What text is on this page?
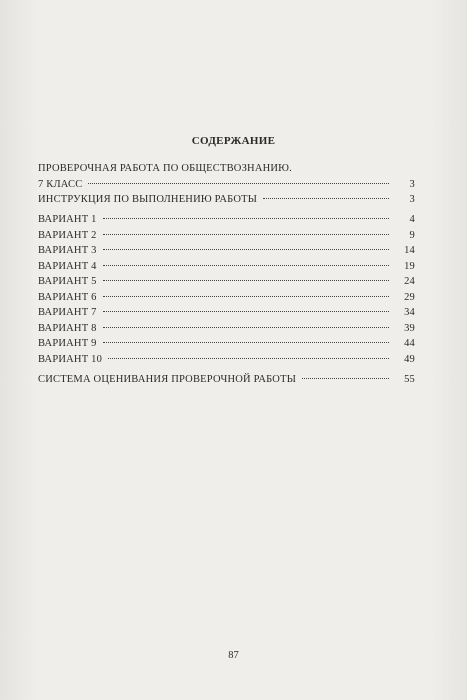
СОДЕРЖАНИЕ
ПРОВЕРОЧНАЯ РАБОТА ПО ОБЩЕСТВОЗНАНИЮ.
7 КЛАСС	3
ИНСТРУКЦИЯ ПО ВЫПОЛНЕНИЮ РАБОТЫ	3
ВАРИАНТ 1	4
ВАРИАНТ 2	9
ВАРИАНТ 3	14
ВАРИАНТ 4	19
ВАРИАНТ 5	24
ВАРИАНТ 6	29
ВАРИАНТ 7	34
ВАРИАНТ 8	39
ВАРИАНТ 9	44
ВАРИАНТ 10	49
СИСТЕМА ОЦЕНИВАНИЯ ПРОВЕРОЧНОЙ РАБОТЫ	55
87
